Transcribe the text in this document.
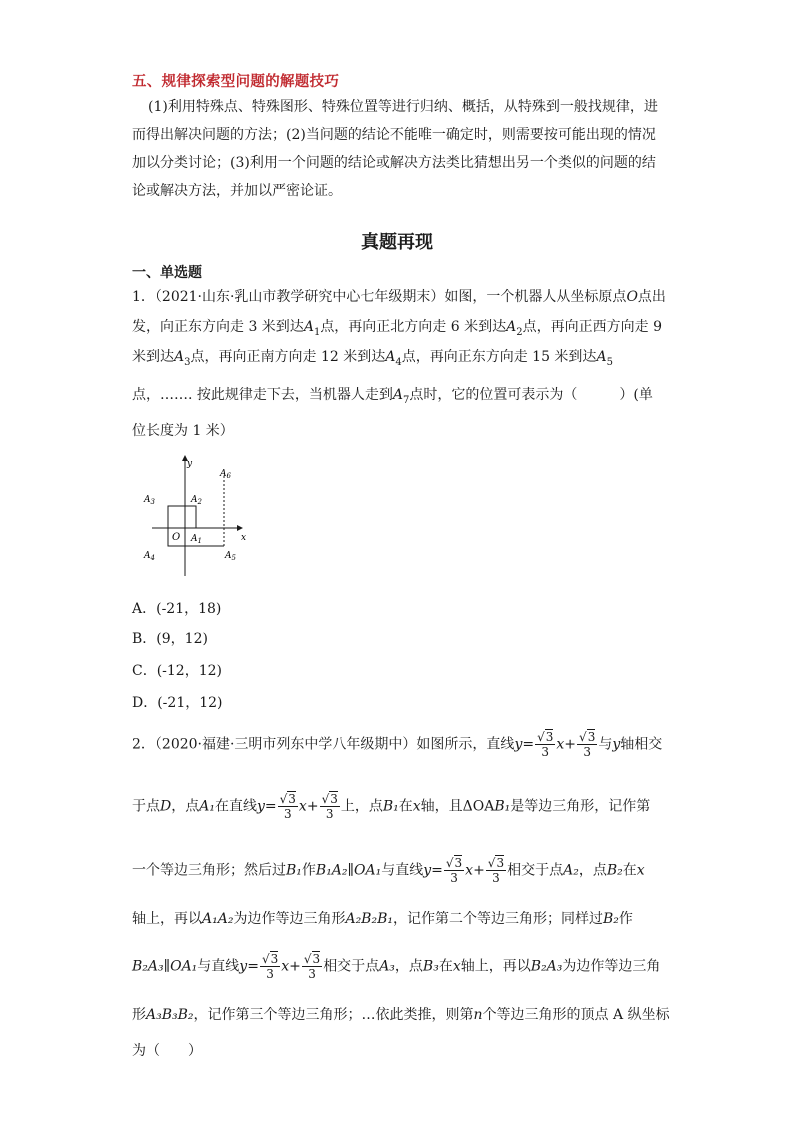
五、规律探索型问题的解题技巧
(1)利用特殊点、特殊图形、特殊位置等进行归纳、概括，从特殊到一般找规律，进
而得出解决问题的方法；(2)当问题的结论不能唯一确定时，则需要按可能出现的情况
加以分类讨论；(3)利用一个问题的结论或解决方法类比猜想出另一个类似的问题的结
论或解决方法，并加以严密论证。
真题再现
一、单选题
1．（2021·山东·乳山市教学研究中心七年级期末）如图，一个机器人从坐标原点O点出
发，向正东方向走 3 米到达$A_1$点，再向正北方向走 6 米到达$A_2$点，再向正西方向走 9
米到达$A_3$点，再向正南方向走 12 米到达$A_4$点，再向正东方向走 15 米到达$A_5$
点，……. 按此规律走下去，当机器人走到$A_7$点时，它的位置可表示为（　　　）(单
位长度为 1 米）
y
x
O $A_1$
$A_2$
$A_3$
$A_4$	$A_5$
$A_6$
A．(-21，18)
B．(9，12)
C．(-12，12)
D．(-21，12)
2．（2020·福建·三明市列东中学八年级期中）如图所示，直线$y= \frac{√3}{3} x+ \frac{√3}{3}$ 与y轴相交
于点D，点A₁在直线$y= \frac{√3}{3} x+ \frac{√3}{3}$ 上，点B₁在x轴，且ΔOAB₁是等边三角形，记作第
一个等边三角形；然后过B₁作B₁A₂∥OA₁与直线$y= \frac{√3}{3} x+ \frac{√3}{3}$ 相交于点A₂，点B₂在x
轴上，再以A₁A₂为边作等边三角形A₂B₂B₁，记作第二个等边三角形；同样过B₂作
B₂A₃∥OA₁与直线$y= \frac{√3}{3} x+ \frac{√3}{3}$ 相交于点A₃，点B₃在x轴上，再以B₂A₃为边作等边三角
形A₃B₃B₂，记作第三个等边三角形；…依此类推，则第n个等边三角形的顶点 A 纵坐标
为（　　）
